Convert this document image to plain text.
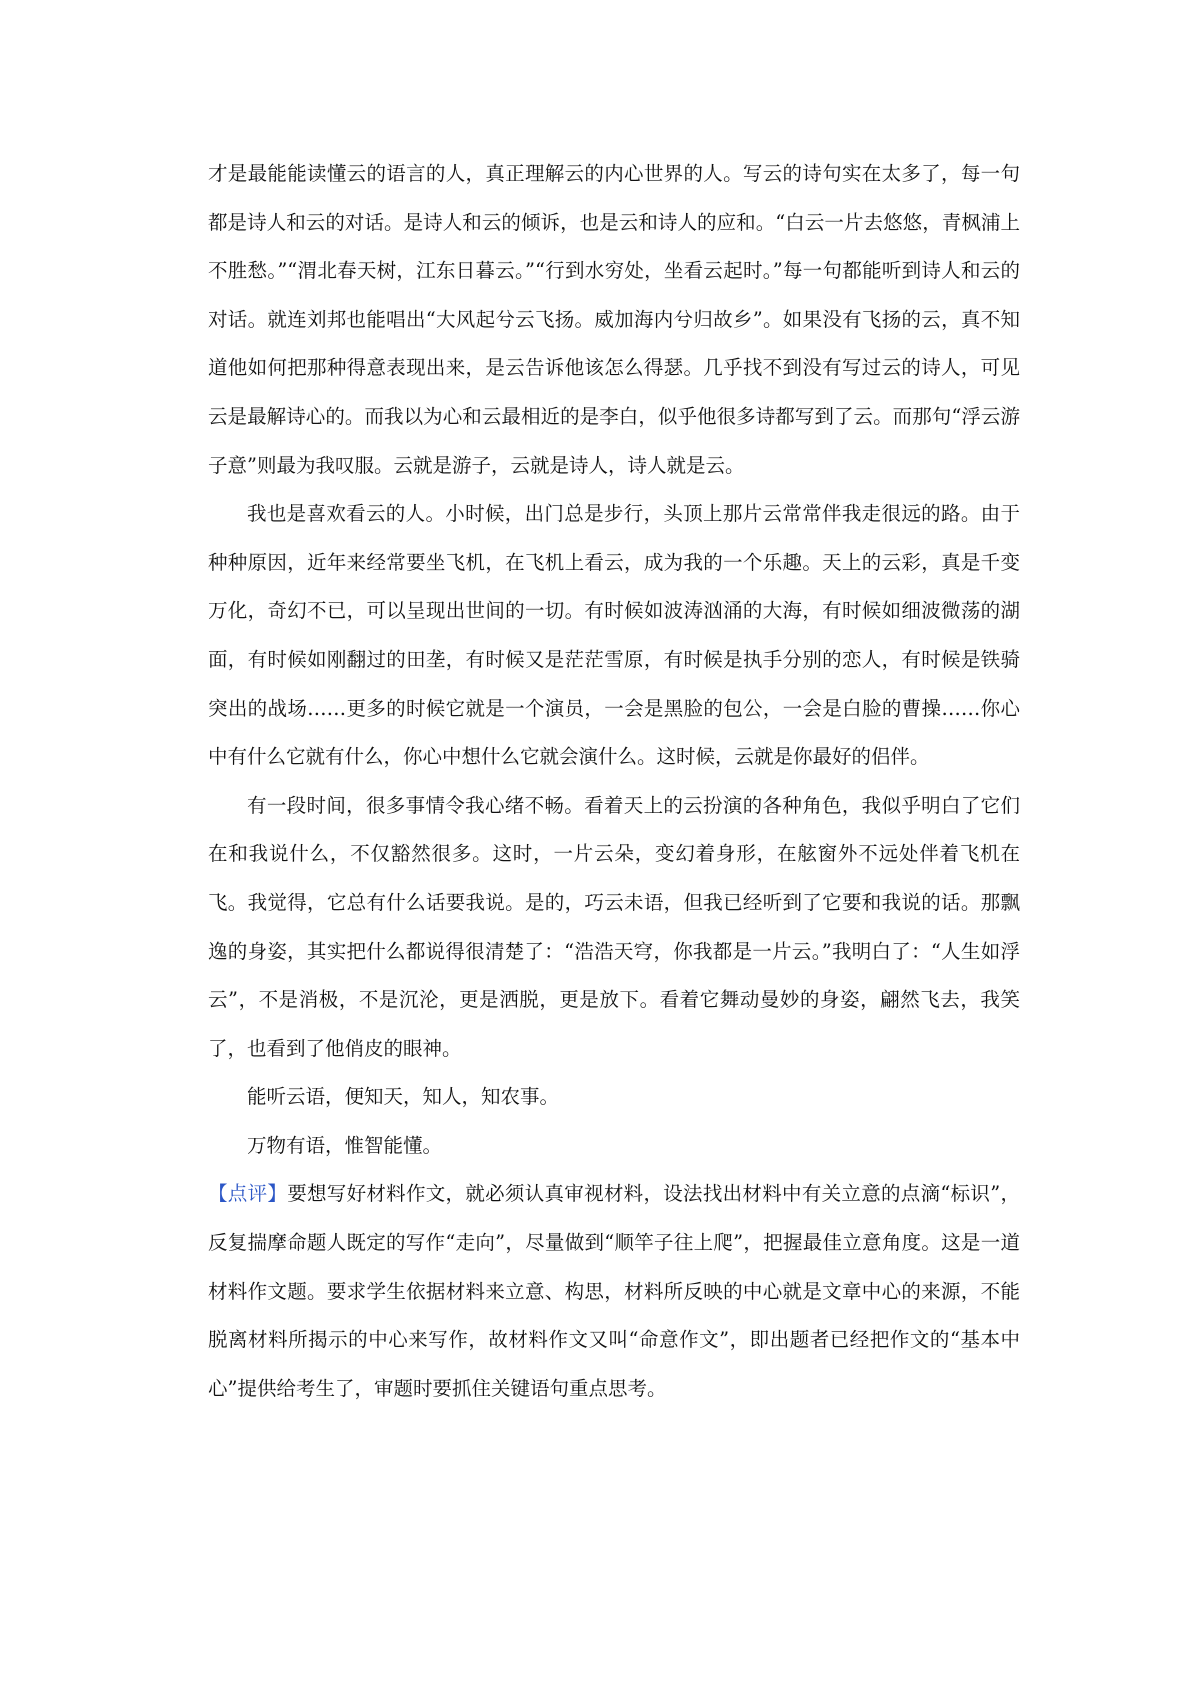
才是最能能读懂云的语言的人，真正理解云的内心世界的人。写云的诗句实在太多了，每一句都是诗人和云的对话。是诗人和云的倾诉，也是云和诗人的应和。“白云一片去悠悠，青枫浦上不胜愁。”“渭北春天树，江东日暮云。”“行到水穷处，坐看云起时。”每一句都能听到诗人和云的对话。就连刘邦也能唱出“大风起兮云飞扬。威加海内兮归故乡”。如果没有飞扬的云，真不知道他如何把那种得意表现出来，是云告诉他该怎么得瑟。几乎找不到没有写过云的诗人，可见云是最解诗心的。而我以为心和云最相近的是李白，似乎他很多诗都写到了云。而那句“浮云游子意”则最为我叹服。云就是游子，云就是诗人，诗人就是云。

我也是喜欢看云的人。小时候，出门总是步行，头顶上那片云常常伴我走很远的路。由于种种原因，近年来经常要坐飞机，在飞机上看云，成为我的一个乐趣。天上的云彩，真是千变万化，奇幻不已，可以呈现出世间的一切。有时候如波涛汹涌的大海，有时候如细波微荡的湖面，有时候如刚翻过的田垄，有时候又是茫茫雪原，有时候是执手分别的恋人，有时候是铁骑突出的战场……更多的时候它就是一个演员，一会是黑脸的包公，一会是白脸的曹操……你心中有什么它就有什么，你心中想什么它就会演什么。这时候，云就是你最好的侣伴。

有一段时间，很多事情令我心绪不畅。看着天上的云扮演的各种角色，我似乎明白了它们在和我说什么，不仅豁然很多。这时，一片云朵，变幻着身形，在舷窗外不远处伴着飞机在飞。我觉得，它总有什么话要我说。是的，巧云未语，但我已经听到了它要和我说的话。那飘逸的身姿，其实把什么都说得很清楚了：“浩浩天穹，你我都是一片云。”我明白了：“人生如浮云”，不是消极，不是沉沦，更是洒脱，更是放下。看着它舞动曼妙的身姿，翩然飞去，我笑了，也看到了他俏皮的眼神。

能听云语，便知天，知人，知农事。

万物有语，惟智能懂。

【点评】要想写好材料作文，就必须认真审视材料，设法找出材料中有关立意的点滴“标识”，反复揣摩命题人既定的写作“走向”，尽量做到“顺竿子往上爬”，把握最佳立意角度。这是一道材料作文题。要求学生依据材料来立意、构思，材料所反映的中心就是文章中心的来源，不能脱离材料所揭示的中心来写作，故材料作文又叫“命意作文”，即出题者已经把作文的“基本中心”提供给考生了，审题时要抓住关键语句重点思考。
